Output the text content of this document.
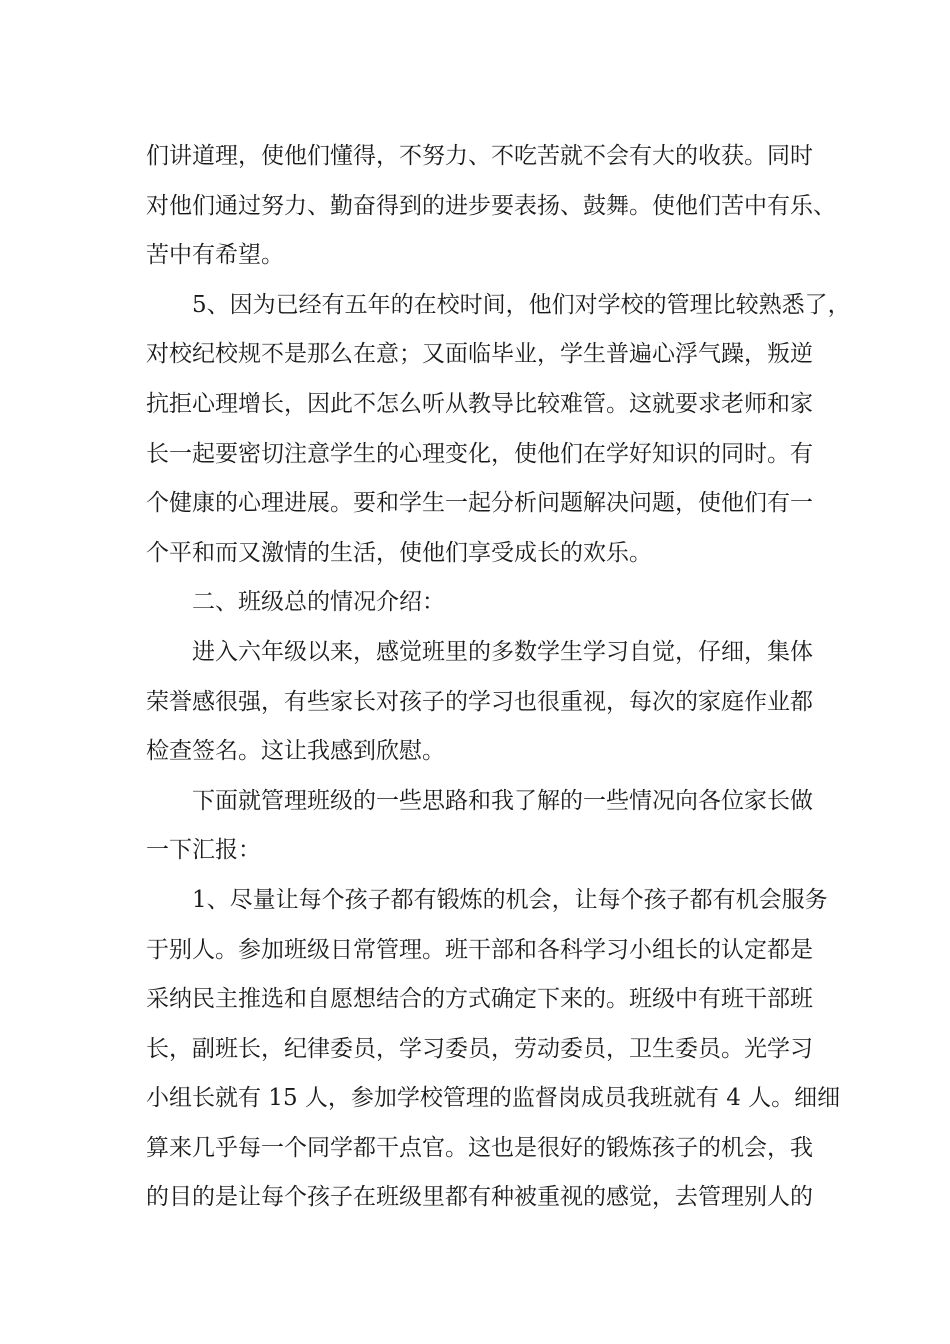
们讲道理，使他们懂得，不努力、不吃苦就不会有大的收获。同时
对他们通过努力、勤奋得到的进步要表扬、鼓舞。使他们苦中有乐、
苦中有希望。
5、因为已经有五年的在校时间，他们对学校的管理比较熟悉了，
对校纪校规不是那么在意；又面临毕业，学生普遍心浮气躁，叛逆
抗拒心理增长，因此不怎么听从教导比较难管。这就要求老师和家
长一起要密切注意学生的心理变化，使他们在学好知识的同时。有
个健康的心理进展。要和学生一起分析问题解决问题，使他们有一
个平和而又激情的生活，使他们享受成长的欢乐。
二、班级总的情况介绍：
进入六年级以来，感觉班里的多数学生学习自觉，仔细，集体
荣誉感很强，有些家长对孩子的学习也很重视，每次的家庭作业都
检查签名。这让我感到欣慰。
下面就管理班级的一些思路和我了解的一些情况向各位家长做
一下汇报：
1、尽量让每个孩子都有锻炼的机会，让每个孩子都有机会服务
于别人。参加班级日常管理。班干部和各科学习小组长的认定都是
采纳民主推选和自愿想结合的方式确定下来的。班级中有班干部班
长，副班长，纪律委员，学习委员，劳动委员，卫生委员。光学习
小组长就有 15 人，参加学校管理的监督岗成员我班就有 4 人。细细
算来几乎每一个同学都干点官。这也是很好的锻炼孩子的机会，我
的目的是让每个孩子在班级里都有种被重视的感觉，去管理别人的
